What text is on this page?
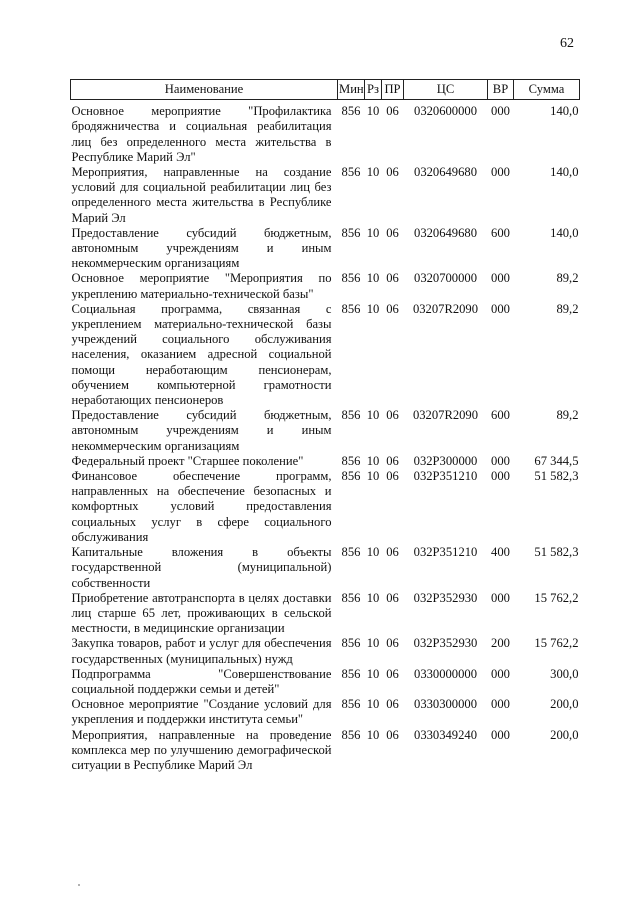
62
Наименование	Мин	Рз	ПР	ЦС	ВР	Сумма
Основное мероприятие "Профилактика бродяжничества и социальная реабилитация лиц без определенного места жительства в Республике Марий Эл"	856	10	06	0320600000	000	140,0
Мероприятия, направленные на создание условий для социальной реабилитации лиц без определенного места жительства в Республике Марий Эл	856	10	06	0320649680	000	140,0
Предоставление субсидий бюджетным, автономным учреждениям и иным некоммерческим организациям	856	10	06	0320649680	600	140,0
Основное мероприятие "Мероприятия по укреплению материально-технической базы"	856	10	06	0320700000	000	89,2
Социальная программа, связанная с укреплением материально-технической базы учреждений социального обслуживания населения, оказанием адресной социальной помощи неработающим пенсионерам, обучением компьютерной грамотности неработающих пенсионеров	856	10	06	03207R2090	000	89,2
Предоставление субсидий бюджетным, автономным учреждениям и иным некоммерческим организациям	856	10	06	03207R2090	600	89,2
Федеральный проект "Старшее поколение"	856	10	06	032P300000	000	67 344,5
Финансовое обеспечение программ, направленных на обеспечение безопасных и комфортных условий предоставления социальных услуг в сфере социального обслуживания	856	10	06	032P351210	000	51 582,3
Капитальные вложения в объекты государственной (муниципальной) собственности	856	10	06	032P351210	400	51 582,3
Приобретение автотранспорта в целях доставки лиц старше 65 лет, проживающих в сельской местности, в медицинские организации	856	10	06	032P352930	000	15 762,2
Закупка товаров, работ и услуг для обеспечения государственных (муниципальных) нужд	856	10	06	032P352930	200	15 762,2
Подпрограмма "Совершенствование социальной поддержки семьи и детей"	856	10	06	0330000000	000	300,0
Основное мероприятие "Создание условий для укрепления и поддержки института семьи"	856	10	06	0330300000	000	200,0
Мероприятия, направленные на проведение комплекса мер по улучшению демографической ситуации в Республике Марий Эл	856	10	06	0330349240	000	200,0
